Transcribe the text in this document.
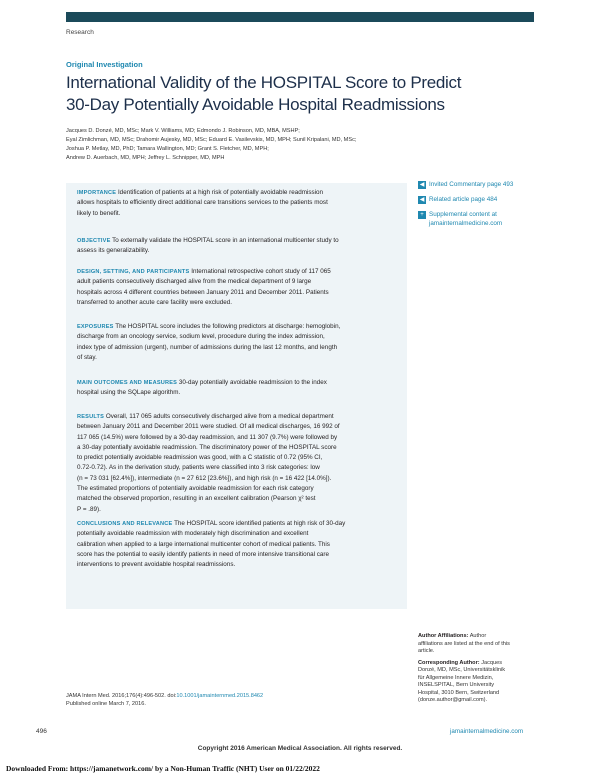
Research
Original Investigation
International Validity of the HOSPITAL Score to Predict
30-Day Potentially Avoidable Hospital Readmissions
Jacques D. Donzé, MD, MSc; Mark V. Williams, MD; Edmondo J. Robinson, MD, MBA, MSHP;
Eyal Zimlichman, MD, MSc; Drahomir Aujesky, MD, MSc; Eduard E. Vasilevskis, MD, MPH; Sunil Kripalani, MD, MSc;
Joshua P. Metlay, MD, PhD; Tamara Wallington, MD; Grant S. Fletcher, MD, MPH;
Andrew D. Auerbach, MD, MPH; Jeffrey L. Schnipper, MD, MPH
IMPORTANCE Identification of patients at a high risk of potentially avoidable readmission
allows hospitals to efficiently direct additional care transitions services to the patients most
likely to benefit.
OBJECTIVE To externally validate the HOSPITAL score in an international multicenter study to
assess its generalizability.
DESIGN, SETTING, AND PARTICIPANTS International retrospective cohort study of 117 065
adult patients consecutively discharged alive from the medical department of 9 large
hospitals across 4 different countries between January 2011 and December 2011. Patients
transferred to another acute care facility were excluded.
EXPOSURES The HOSPITAL score includes the following predictors at discharge: hemoglobin,
discharge from an oncology service, sodium level, procedure during the index admission,
index type of admission (urgent), number of admissions during the last 12 months, and length
of stay.
MAIN OUTCOMES AND MEASURES 30-day potentially avoidable readmission to the index
hospital using the SQLape algorithm.
RESULTS Overall, 117 065 adults consecutively discharged alive from a medical department
between January 2011 and December 2011 were studied. Of all medical discharges, 16 992 of
117 065 (14.5%) were followed by a 30-day readmission, and 11 307 (9.7%) were followed by
a 30-day potentially avoidable readmission. The discriminatory power of the HOSPITAL score
to predict potentially avoidable readmission was good, with a C statistic of 0.72 (95% CI,
0.72-0.72). As in the derivation study, patients were classified into 3 risk categories: low
(n = 73 031 [62.4%]), intermediate (n = 27 612 [23.6%]), and high risk (n = 16 422 [14.0%]).
The estimated proportions of potentially avoidable readmission for each risk category
matched the observed proportion, resulting in an excellent calibration (Pearson χ² test
P = .89).
CONCLUSIONS AND RELEVANCE The HOSPITAL score identified patients at high risk of 30-day
potentially avoidable readmission with moderately high discrimination and excellent
calibration when applied to a large international multicenter cohort of medical patients. This
score has the potential to easily identify patients in need of more intensive transitional care
interventions to prevent avoidable hospital readmissions.
◀ Invited Commentary page 493
◀ Related article page 484
+ Supplemental content at
jamainternalmedicine.com
Author Affiliations: Author
affiliations are listed at the end of this
article.
Corresponding Author: Jacques
Donzé, MD, MSc, Universitätsklinik
für Allgemeine Innere Medizin,
INSELSPITAL, Bern University
Hospital, 3010 Bern, Switzerland
(donze.author@gmail.com).
JAMA Intern Med. 2016;176(4):496-502. doi:10.1001/jamainternmed.2015.8462
Published online March 7, 2016.
496	jamainternalmedicine.com
Copyright 2016 American Medical Association. All rights reserved.
Downloaded From: https://jamanetwork.com/ by a Non-Human Traffic (NHT) User on 01/22/2022
